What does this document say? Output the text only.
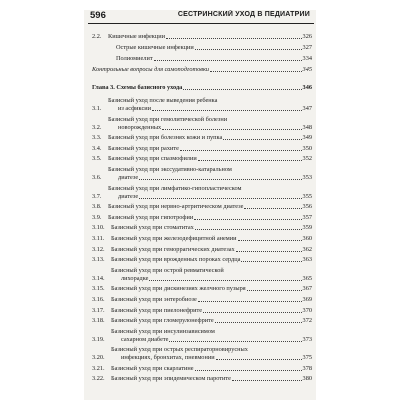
596	СЕСТРИНСКИЙ УХОД В ПЕДИАТРИИ
2.2.	Кишечные инфекции	326
Острые кишечные инфекции	327
Полиомиелит	334
Контрольные вопросы для самоподготовки	345
Глава 3. Схемы базисного ухода	346
3.1.
Базисный уход после выведения ребенка
из асфиксии	347
3.2.
Базисный уход при гемолитической болезни
новорожденных	348
3.3.	Базисный уход при болезнях кожи и пупка	349
3.4.	Базисный уход при рахите	350
3.5.	Базисный уход при спазмофилии	352
3.6.
Базисный уход при экссудативно-катаральном
диатезе	353
3.7.
Базисный уход при лимфатико-гипопластическом
диатезе	355
3.8.	Базисный уход при нервно-артритическом диатезе	356
3.9.	Базисный уход при гипотрофии	357
3.10.	Базисный уход при стоматитах	359
3.11.	Базисный уход при железодефицитной анемии	360
3.12.	Базисный уход при геморрагических диатезах	362
3.13.	Базисный уход при врожденных пороках сердца	363
3.14.
Базисный уход при острой ревматической
лихорадке	365
3.15.	Базисный уход при дискинезиях желчного пузыря	367
3.16.	Базисный уход при энтеробиозе	369
3.17.	Базисный уход при пиелонефрите	370
3.18.	Базисный уход при гломерулонефрите	372
3.19.
Базисный уход при инсулинзависимом
сахарном диабете	373
3.20.
Базисный уход при острых респираторновирусных
инфекциях, бронхитах, пневмонии	375
3.21.	Базисный уход при скарлатине	378
3.22.	Базисный уход при эпидемическом паротите	380
